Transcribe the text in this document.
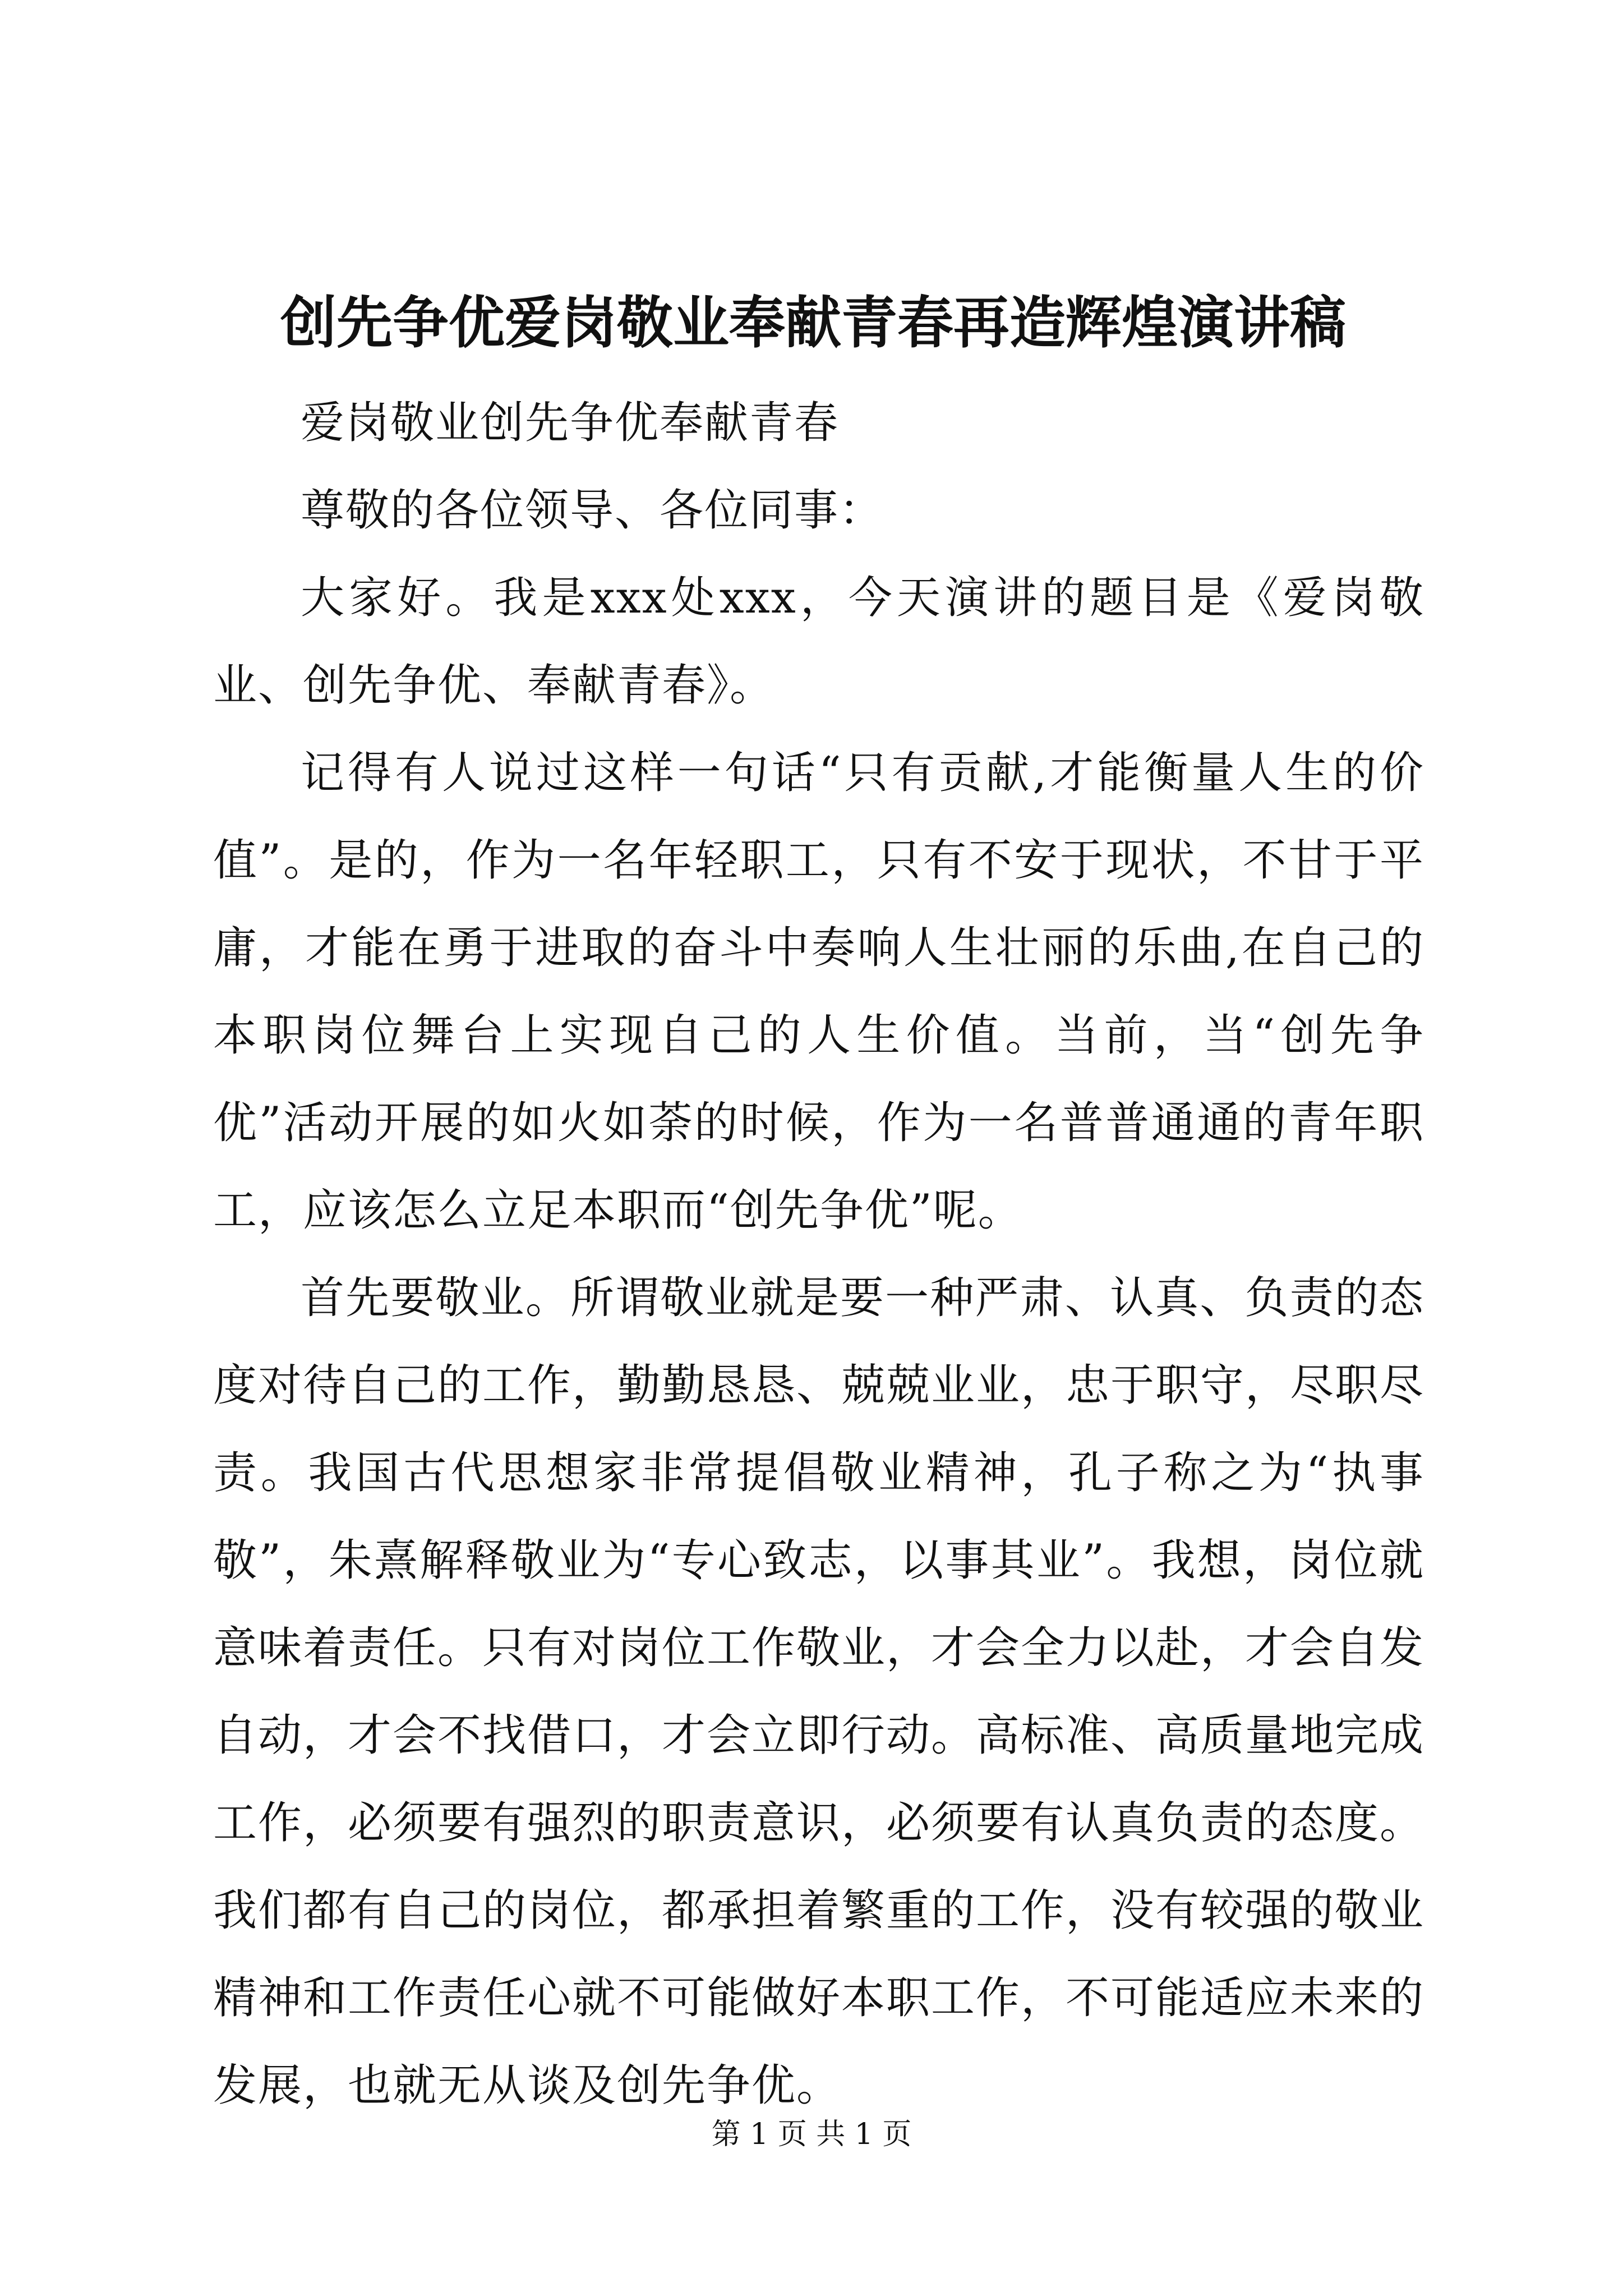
创先争优爱岗敬业奉献青春再造辉煌演讲稿

爱岗敬业创先争优奉献青春

尊敬的各位领导、各位同事：

大家好。我是xxx处xxx，今天演讲的题目是《爱岗敬业、创先争优、奉献青春》。

记得有人说过这样一句话“只有贡献,才能衡量人生的价值”。是的，作为一名年轻职工，只有不安于现状，不甘于平庸，才能在勇于进取的奋斗中奏响人生壮丽的乐曲,在自己的本职岗位舞台上实现自己的人生价值。当前，当“创先争优”活动开展的如火如荼的时候，作为一名普普通通的青年职工，应该怎么立足本职而“创先争优”呢。

首先要敬业。所谓敬业就是要一种严肃、认真、负责的态度对待自己的工作，勤勤恳恳、兢兢业业，忠于职守，尽职尽责。我国古代思想家非常提倡敬业精神，孔子称之为“执事敬”，朱熹解释敬业为“专心致志，以事其业”。我想，岗位就意味着责任。只有对岗位工作敬业，才会全力以赴，才会自发自动，才会不找借口，才会立即行动。高标准、高质量地完成工作，必须要有强烈的职责意识，必须要有认真负责的态度。我们都有自己的岗位，都承担着繁重的工作，没有较强的敬业精神和工作责任心就不可能做好本职工作，不可能适应未来的发展，也就无从谈及创先争优。

第 1 页 共 1 页
